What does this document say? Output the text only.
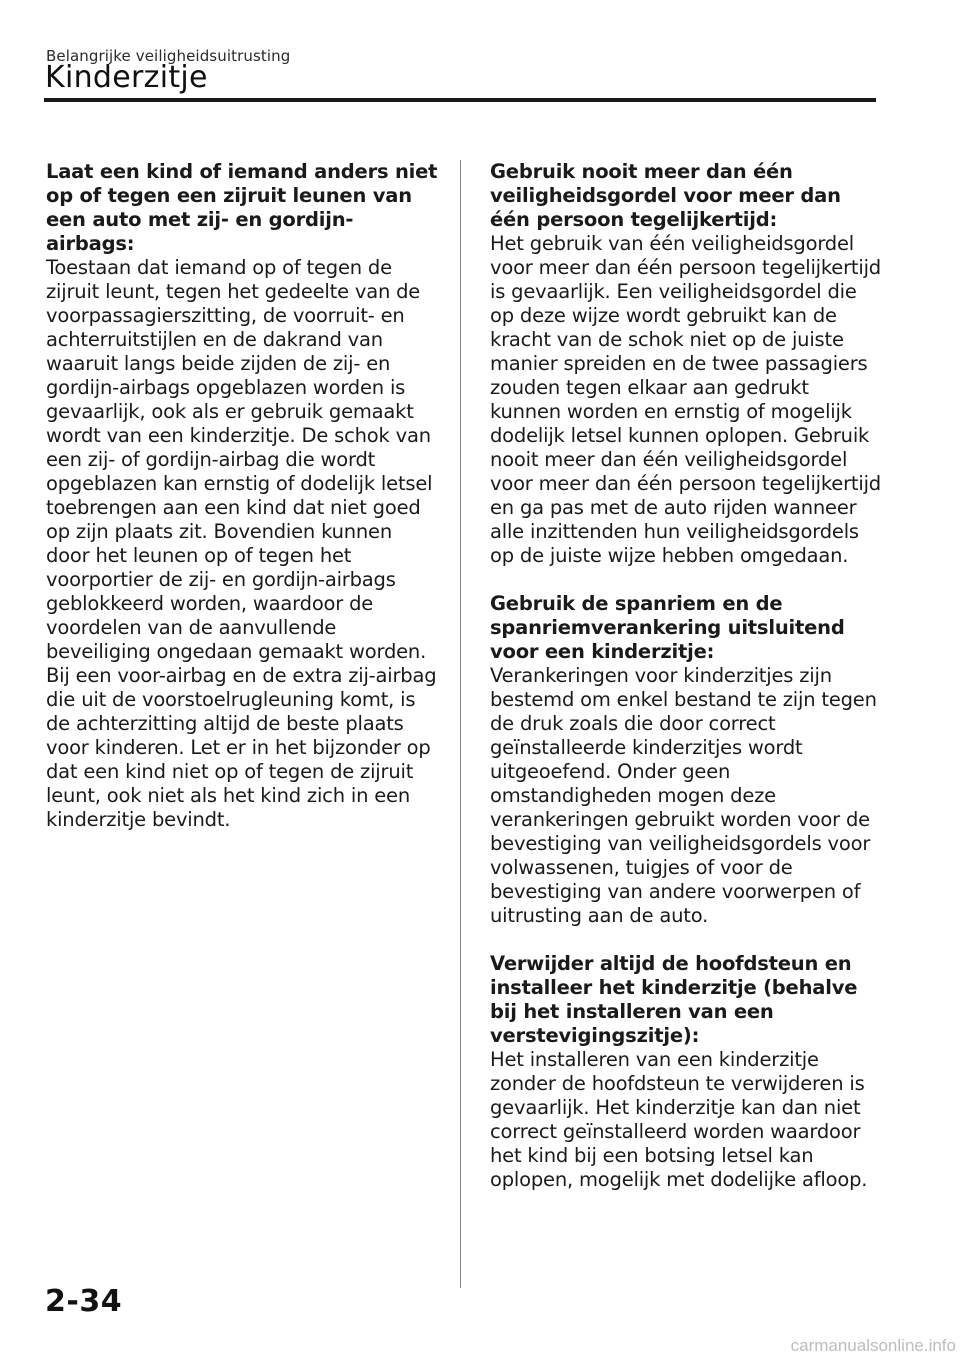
Belangrijke veiligheidsuitrusting
Kinderzitje
Laat een kind of iemand anders niet op of tegen een zijruit leunen van een auto met zij- en gordijn-airbags:
Toestaan dat iemand op of tegen de zijruit leunt, tegen het gedeelte van de voorpassagierszitting, de voorruit- en achterruitstijlen en de dakrand van waaruit langs beide zijden de zij- en gordijn-airbags opgeblazen worden is gevaarlijk, ook als er gebruik gemaakt wordt van een kinderzitje. De schok van een zij- of gordijn-airbag die wordt opgeblazen kan ernstig of dodelijk letsel toebrengen aan een kind dat niet goed op zijn plaats zit. Bovendien kunnen door het leunen op of tegen het voorportier de zij- en gordijn-airbags geblokkeerd worden, waardoor de voordelen van de aanvullende beveiliging ongedaan gemaakt worden. Bij een voor-airbag en de extra zij-airbag die uit de voorstoelrugleuning komt, is de achterzitting altijd de beste plaats voor kinderen. Let er in het bijzonder op dat een kind niet op of tegen de zijruit leunt, ook niet als het kind zich in een kinderzitje bevindt.
Gebruik nooit meer dan één veiligheidsgordel voor meer dan één persoon tegelijkertijd:
Het gebruik van één veiligheidsgordel voor meer dan één persoon tegelijkertijd is gevaarlijk. Een veiligheidsgordel die op deze wijze wordt gebruikt kan de kracht van de schok niet op de juiste manier spreiden en de twee passagiers zouden tegen elkaar aan gedrukt kunnen worden en ernstig of mogelijk dodelijk letsel kunnen oplopen. Gebruik nooit meer dan één veiligheidsgordel voor meer dan één persoon tegelijkertijd en ga pas met de auto rijden wanneer alle inzittenden hun veiligheidsgordels op de juiste wijze hebben omgedaan.
Gebruik de spanriem en de spanriemverankering uitsluitend voor een kinderzitje:
Verankeringen voor kinderzitjes zijn bestemd om enkel bestand te zijn tegen de druk zoals die door correct geïnstalleerde kinderzitjes wordt uitgeoefend. Onder geen omstandigheden mogen deze verankeringen gebruikt worden voor de bevestiging van veiligheidsgordels voor volwassenen, tuigjes of voor de bevestiging van andere voorwerpen of uitrusting aan de auto.
Verwijder altijd de hoofdsteun en installeer het kinderzitje (behalve bij het installeren van een verstevigingszitje):
Het installeren van een kinderzitje zonder de hoofdsteun te verwijderen is gevaarlijk. Het kinderzitje kan dan niet correct geïnstalleerd worden waardoor het kind bij een botsing letsel kan oplopen, mogelijk met dodelijke afloop.
2-34
carmanualsonline.info
